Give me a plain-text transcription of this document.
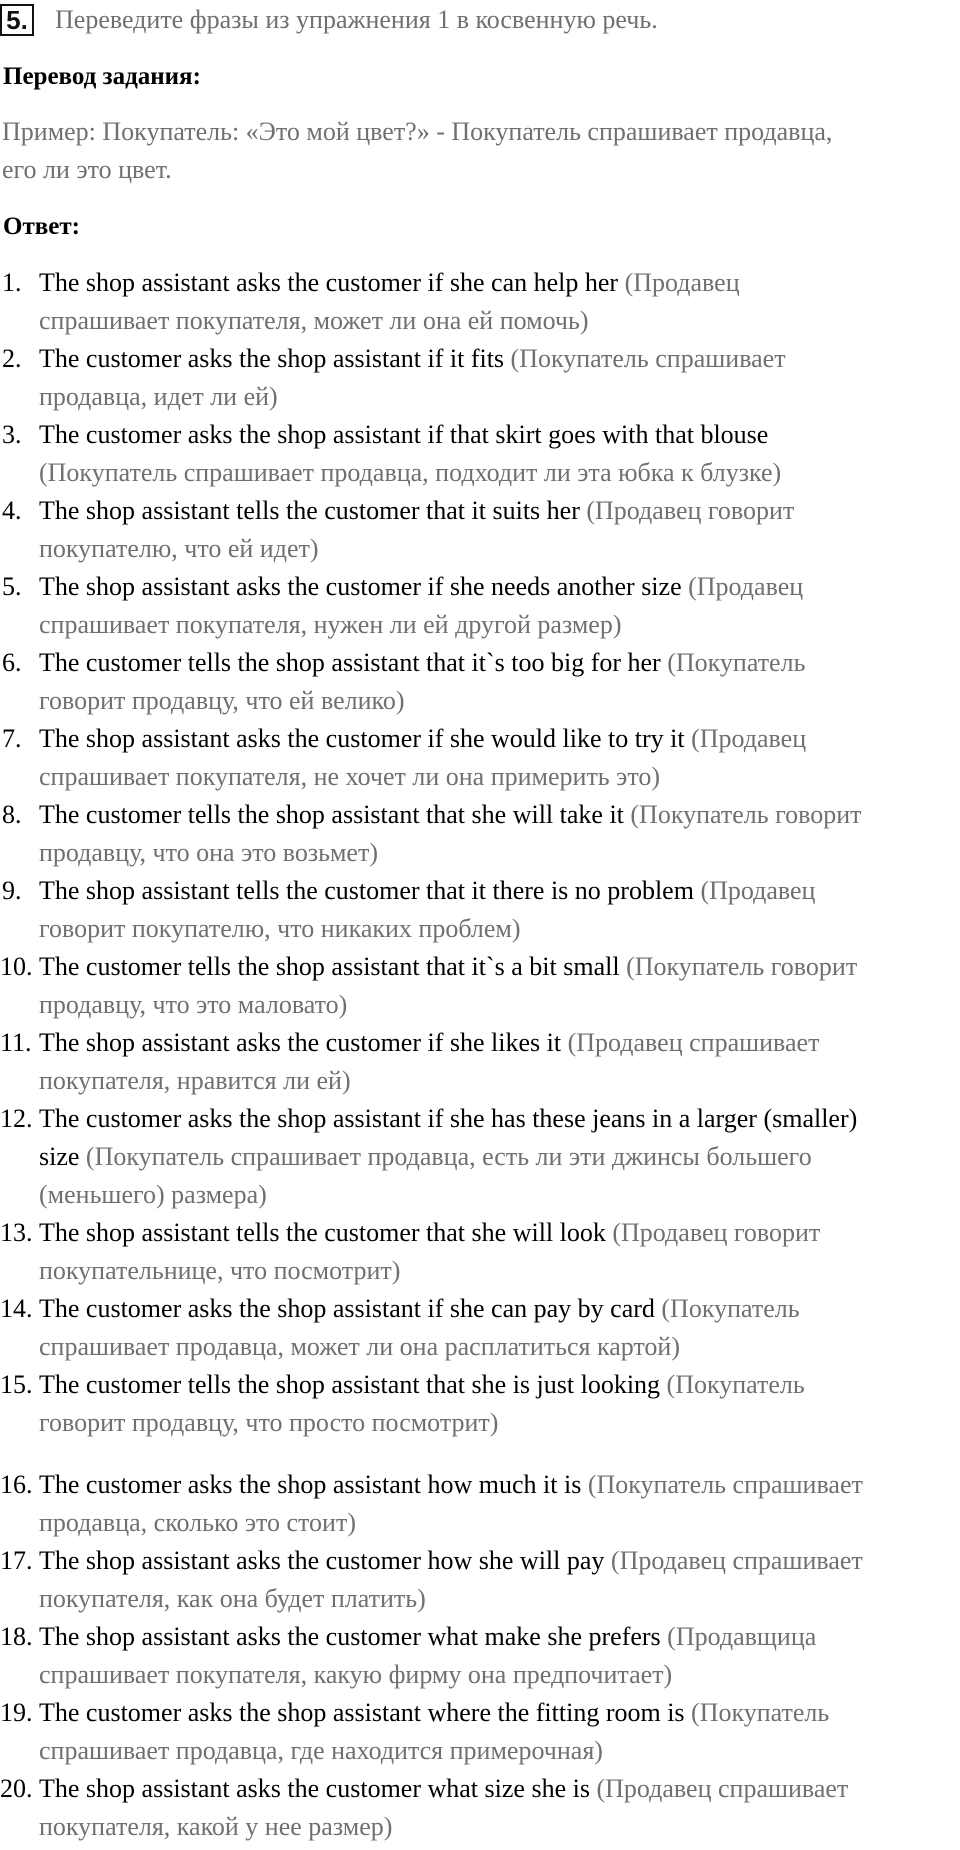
5. Переведите фразы из упражнения 1 в косвенную речь.
Перевод задания:
Пример: Покупатель: «Это мой цвет?» - Покупатель спрашивает продавца,
его ли это цвет.
Ответ:
1. The shop assistant asks the customer if she can help her (Продавец
спрашивает покупателя, может ли она ей помочь)
2. The customer asks the shop assistant if it fits (Покупатель спрашивает
продавца, идет ли ей)
3. The customer asks the shop assistant if that skirt goes with that blouse
(Покупатель спрашивает продавца, подходит ли эта юбка к блузке)
4. The shop assistant tells the customer that it suits her (Продавец говорит
покупателю, что ей идет)
5. The shop assistant asks the customer if she needs another size (Продавец
спрашивает покупателя, нужен ли ей другой размер)
6. The customer tells the shop assistant that it`s too big for her (Покупатель
говорит продавцу, что ей велико)
7. The shop assistant asks the customer if she would like to try it (Продавец
спрашивает покупателя, не хочет ли она примерить это)
8. The customer tells the shop assistant that she will take it (Покупатель говорит
продавцу, что она это возьмет)
9. The shop assistant tells the customer that it there is no problem (Продавец
говорит покупателю, что никаких проблем)
10. The customer tells the shop assistant that it`s a bit small (Покупатель говорит
продавцу, что это маловато)
11. The shop assistant asks the customer if she likes it (Продавец спрашивает
покупателя, нравится ли ей)
12. The customer asks the shop assistant if she has these jeans in a larger (smaller)
size (Покупатель спрашивает продавца, есть ли эти джинсы большего
(меньшего) размера)
13. The shop assistant tells the customer that she will look (Продавец говорит
покупательнице, что посмотрит)
14. The customer asks the shop assistant if she can pay by card (Покупатель
спрашивает продавца, может ли она расплатиться картой)
15. The customer tells the shop assistant that she is just looking (Покупатель
говорит продавцу, что просто посмотрит)
16. The customer asks the shop assistant how much it is (Покупатель спрашивает
продавца, сколько это стоит)
17. The shop assistant asks the customer how she will pay (Продавец спрашивает
покупателя, как она будет платить)
18. The shop assistant asks the customer what make she prefers (Продавщица
спрашивает покупателя, какую фирму она предпочитает)
19. The customer asks the shop assistant where the fitting room is (Покупатель
спрашивает продавца, где находится примерочная)
20. The shop assistant asks the customer what size she is (Продавец спрашивает
покупателя, какой у нее размер)
